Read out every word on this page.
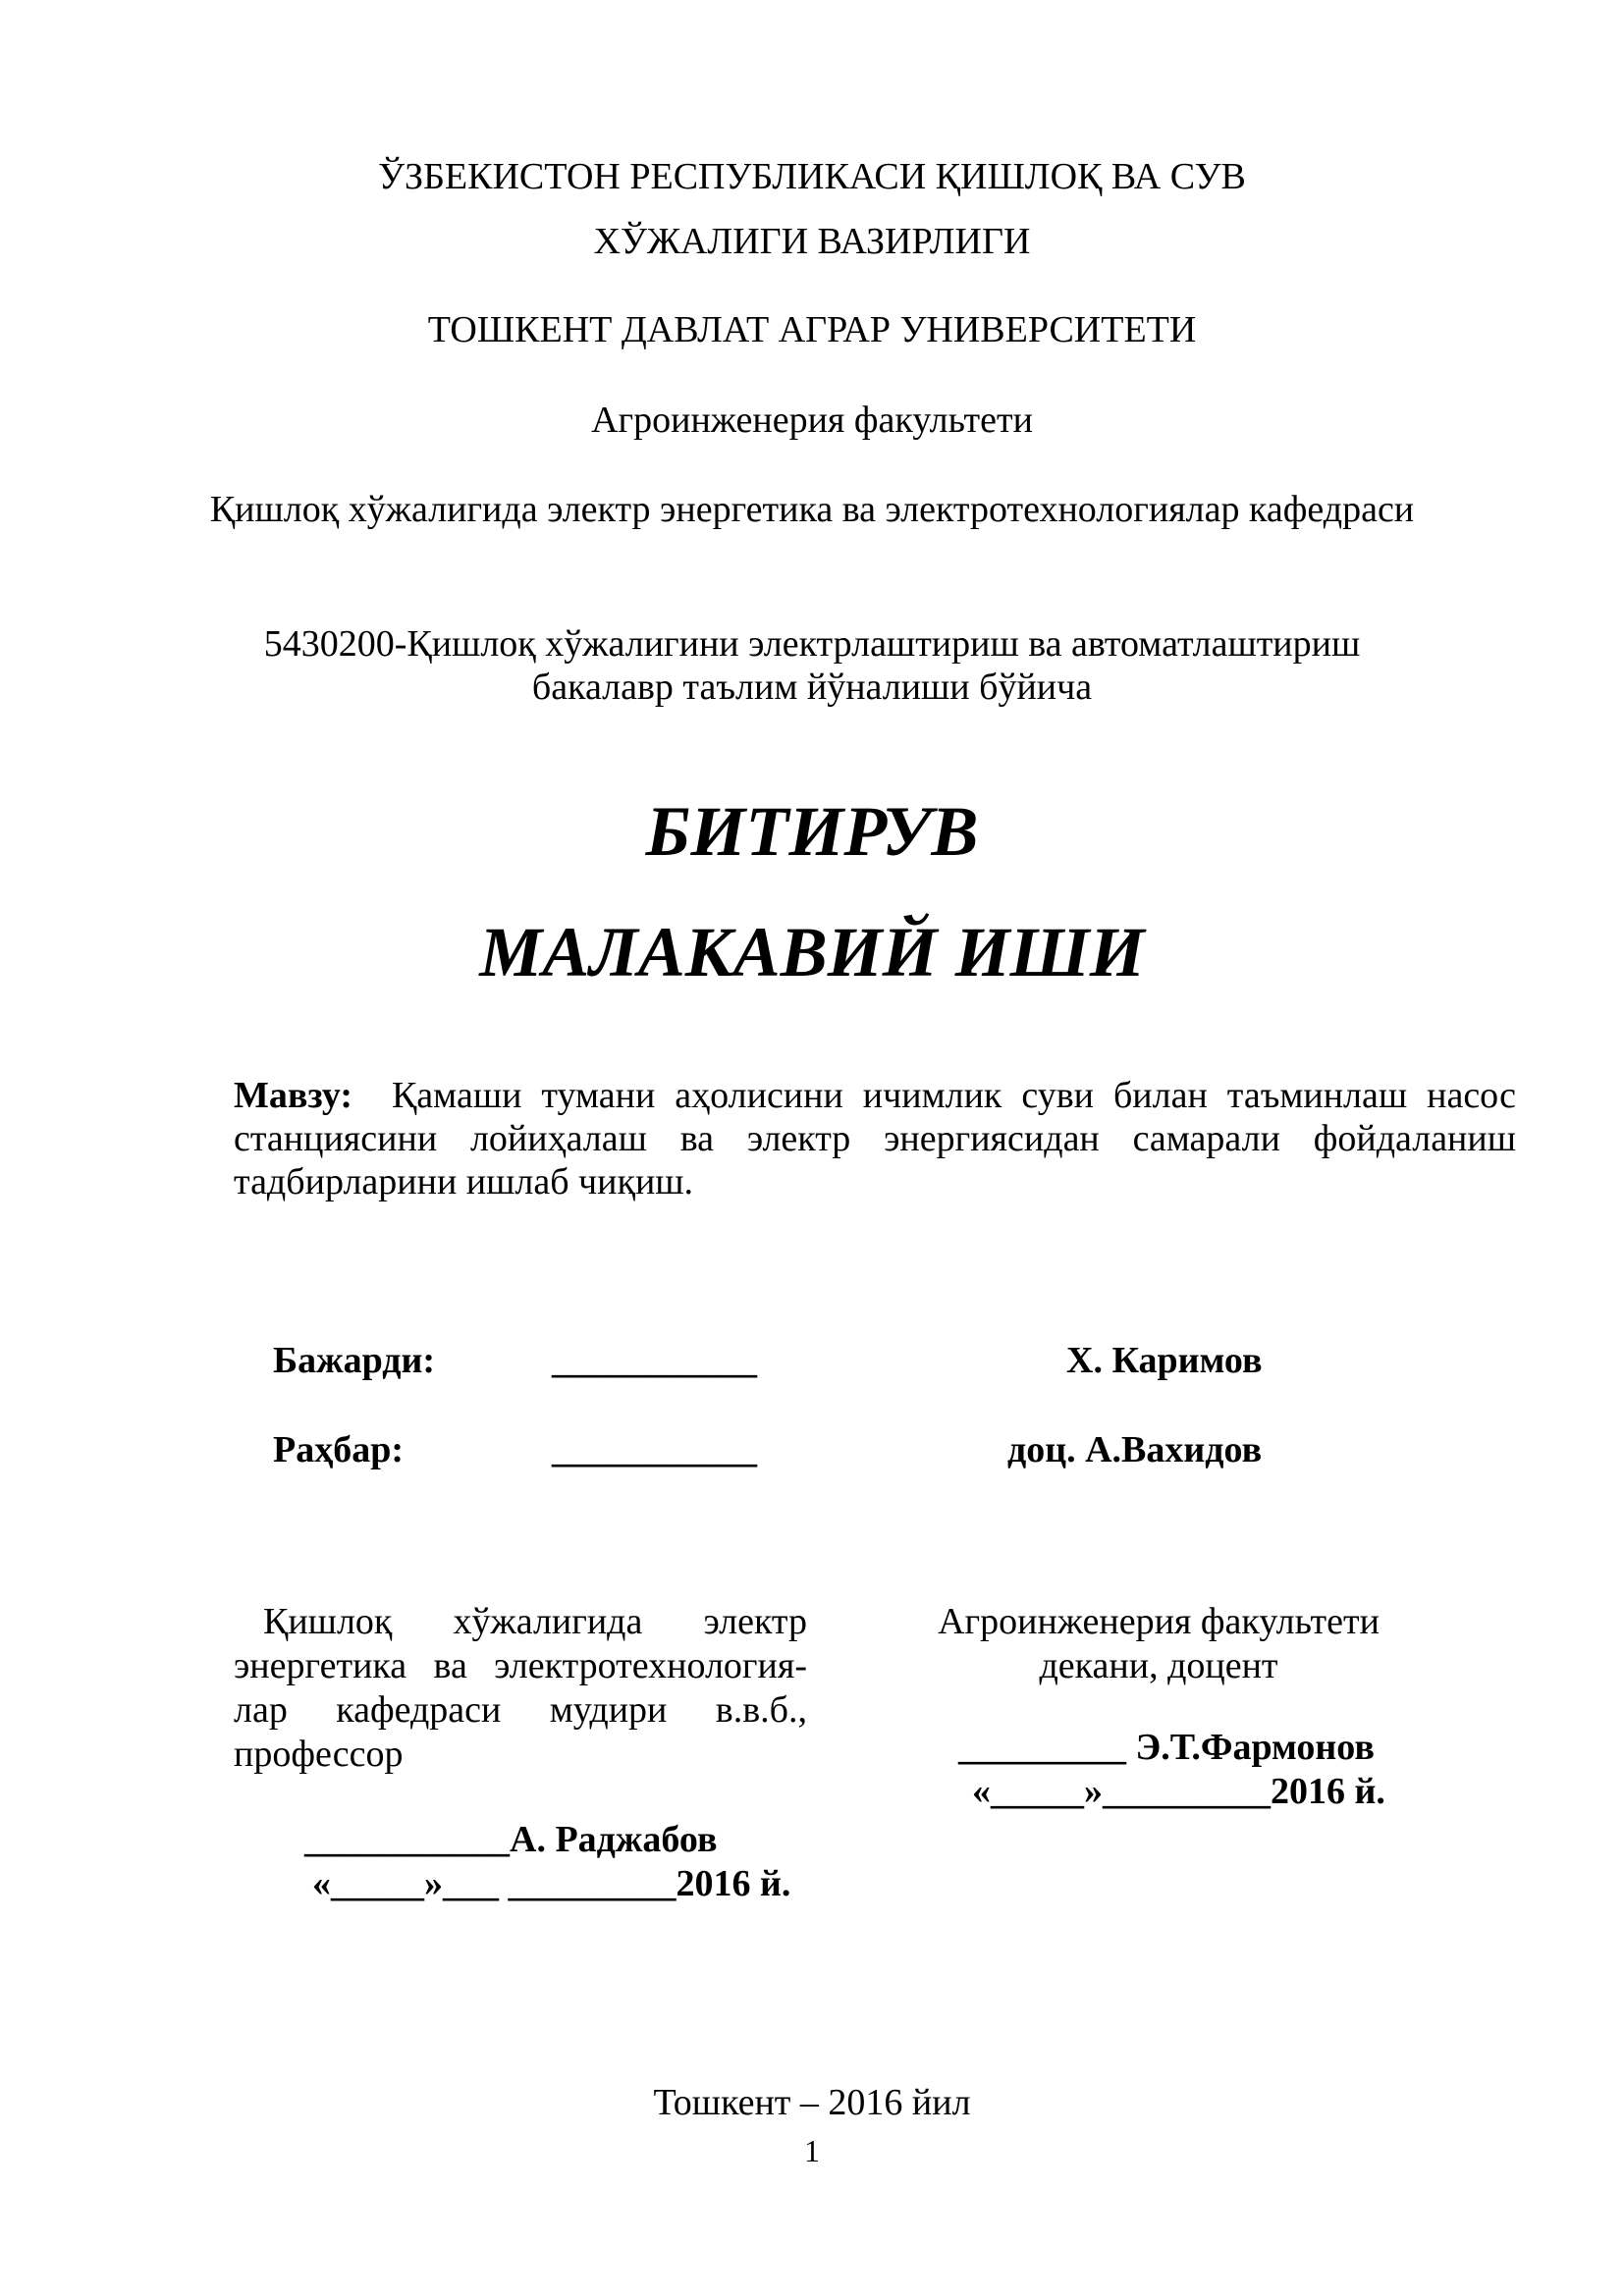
ЎЗБЕКИСТОН РЕСПУБЛИКАСИ ҚИШЛОҚ ВА СУВ
ХЎЖАЛИГИ ВАЗИРЛИГИ
ТОШКЕНТ ДАВЛАТ АГРАР УНИВЕРСИТЕТИ
Агроинженерия факультети
Қишлоқ хўжалигида электр энергетика ва электротехнологиялар кафедраси
5430200-Қишлоқ хўжалигини электрлаштириш ва автоматлаштириш
бакалавр таълим йўналиши бўйича
БИТИРУВ
МАЛАКАВИЙ ИШИ
Мавзу: Қамаши тумани аҳолисини ичимлик суви билан таъминлаш насос станциясини лойиҳалаш ва электр энергиясидан самарали фойдаланиш тадбирларини ишлаб чиқиш.
Бажарди:	___________	Х. Каримов
Раҳбар:	___________	доц. А.Вахидов
Қишлоқ хўжалигида электр
энергетика ва электротехнология-
лар кафедраси мудири в.в.б.,
профессор
___________А. Раджабов
«_____»___ _________2016 й.
Агроинженерия факультети
декани, доцент
_________ Э.Т.Фармонов
«_____»_________2016 й.
Тошкент – 2016 йил
1
